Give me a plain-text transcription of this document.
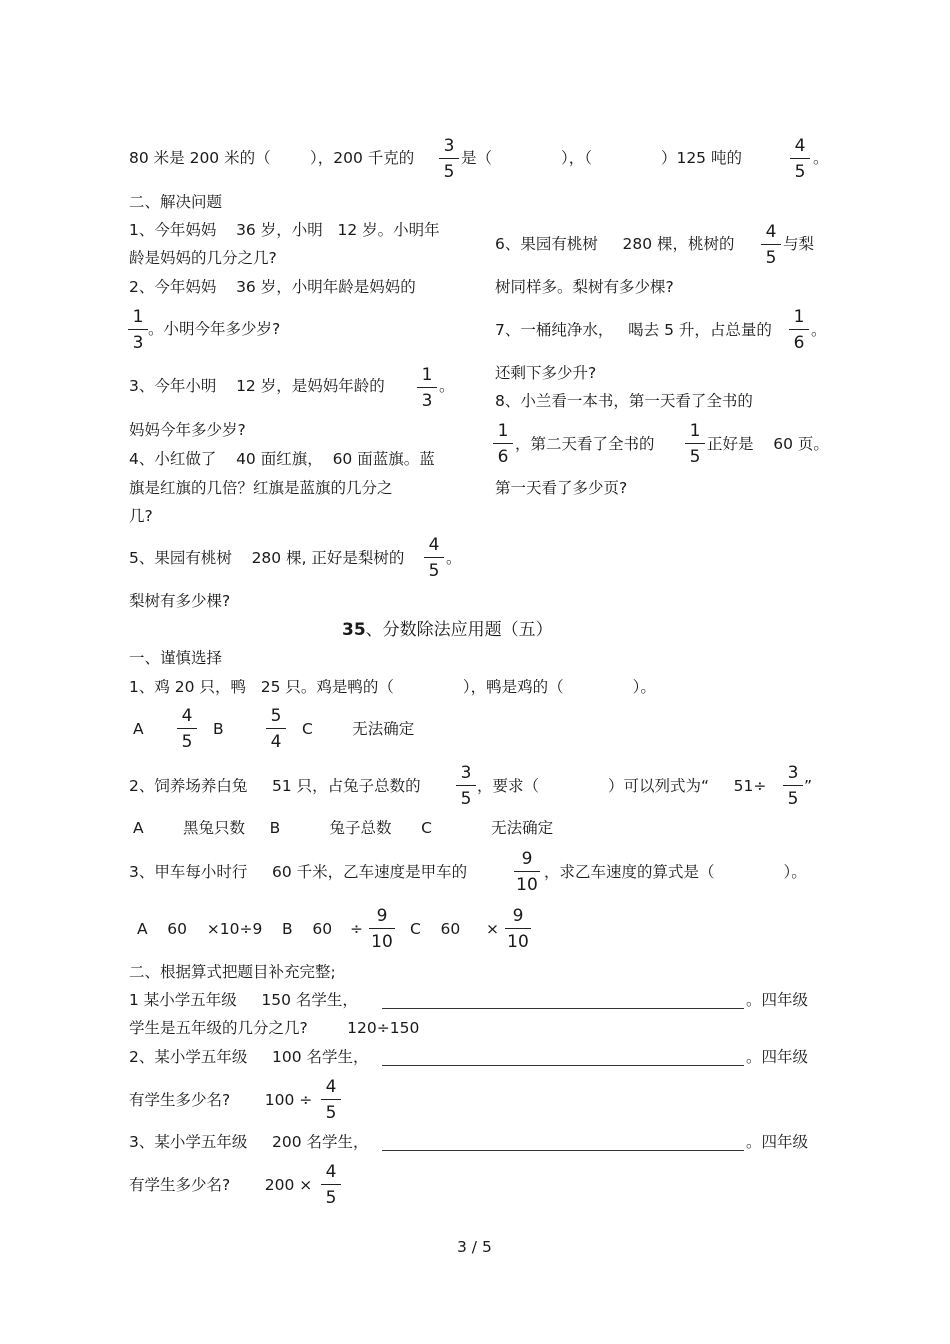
80 米是 200 米的（        ），200 千克的
3
5
是（              ），（              ）125 吨的
4
5
。
二、解决问题
1、今年妈妈    36 岁，小明   12 岁。小明年
龄是妈妈的几分之几?
2、今年妈妈    36 岁，小明年龄是妈妈的
1
3
。小明今年多少岁?
3、今年小明    12 岁，是妈妈年龄的
1
3
。
妈妈今年多少岁?
4、小红做了    40 面红旗，  60 面蓝旗。蓝
旗是红旗的几倍？红旗是蓝旗的几分之
几?
5、果园有桃树    280 棵, 正好是梨树的
4
5
。
梨树有多少棵?
6、果园有桃树     280 棵，桃树的
4
5
与梨
树同样多。梨树有多少棵?
7、一桶纯净水，   喝去 5 升，占总量的
1
6
。
还剩下多少升?
8、小兰看一本书，第一天看了全书的
1
6
，第二天看了全书的
1
5
正好是    60 页。
第一天看了多少页?
35、分数除法应用题（五）
一、谨慎选择
1、鸡 20 只，鸭   25 只。鸡是鸭的（              ），鸭是鸡的（              ）。
A
4
5
B
5
4
C        无法确定
2、饲养场养白兔     51 只，占兔子总数的
3
5
，要求（              ）可以列式为“     51÷
3
5
”
A        黑兔只数     B          兔子总数      C            无法确定
3、甲车每小时行     60 千米，乙车速度是甲车的
9
10
，求乙车速度的算式是（              ）。
A    60    ×10÷9    B    60 ÷
9
10
C    60 ×
9
10
二、根据算式把题目补充完整;
1 某小学五年级     150 名学生，	。四年级
学生是五年级的几分之几?        120÷150
2、某小学五年级     100 名学生，	。四年级
有学生多少名?       100 ÷
4
5
3、某小学五年级     200 名学生，	。四年级
有学生多少名?       200 ×
4
5
3 / 5
